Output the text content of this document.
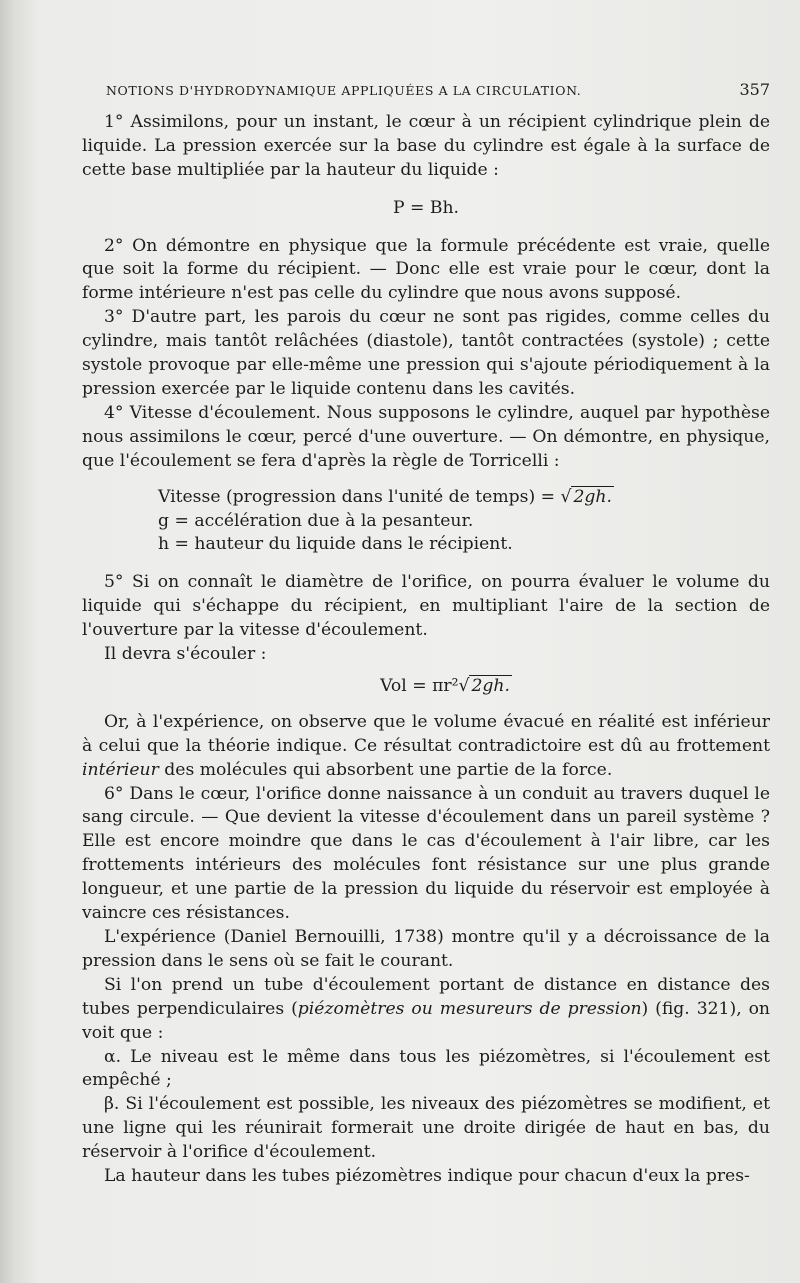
NOTIONS D'HYDRODYNAMIQUE APPLIQUÉES A LA CIRCULATION.	357

1° Assimilons, pour un instant, le cœur à un récipient cylindrique plein de liquide. La pression exercée sur la base du cylindre est égale à la surface de cette base multipliée par la hauteur du liquide :

P = Bh.

2° On démontre en physique que la formule précédente est vraie, quelle que soit la forme du récipient. — Donc elle est vraie pour le cœur, dont la forme intérieure n'est pas celle du cylindre que nous avons supposé.

3° D'autre part, les parois du cœur ne sont pas rigides, comme celles du cylindre, mais tantôt relâchées (diastole), tantôt contractées (systole) ; cette systole provoque par elle-même une pression qui s'ajoute périodiquement à la pression exercée par le liquide contenu dans les cavités.

4° Vitesse d'écoulement. Nous supposons le cylindre, auquel par hypothèse nous assimilons le cœur, percé d'une ouverture. — On démontre, en physique, que l'écoulement se fera d'après la règle de Torricelli :

Vitesse (progression dans l'unité de temps) = √ 2gh.
g = accélération due à la pesanteur.
h = hauteur du liquide dans le récipient.

5° Si on connaît le diamètre de l'orifice, on pourra évaluer le volume du liquide qui s'échappe du récipient, en multipliant l'aire de la section de l'ouverture par la vitesse d'écoulement.

Il devra s'écouler :

Vol = πr²√ 2gh.

Or, à l'expérience, on observe que le volume évacué en réalité est inférieur à celui que la théorie indique. Ce résultat contradictoire est dû au frottement intérieur des molécules qui absorbent une partie de la force.

6° Dans le cœur, l'orifice donne naissance à un conduit au travers duquel le sang circule. — Que devient la vitesse d'écoulement dans un pareil système ? Elle est encore moindre que dans le cas d'écoulement à l'air libre, car les frottements intérieurs des molécules font résistance sur une plus grande longueur, et une partie de la pression du liquide du réservoir est employée à vaincre ces résistances.

L'expérience (Daniel Bernouilli, 1738) montre qu'il y a décroissance de la pression dans le sens où se fait le courant.

Si l'on prend un tube d'écoulement portant de distance en distance des tubes perpendiculaires (piézomètres ou mesureurs de pression) (fig. 321), on voit que :

α. Le niveau est le même dans tous les piézomètres, si l'écoulement est empêché ;

β. Si l'écoulement est possible, les niveaux des piézomètres se modifient, et une ligne qui les réunirait formerait une droite dirigée de haut en bas, du réservoir à l'orifice d'écoulement.

La hauteur dans les tubes piézomètres indique pour chacun d'eux la pres-
